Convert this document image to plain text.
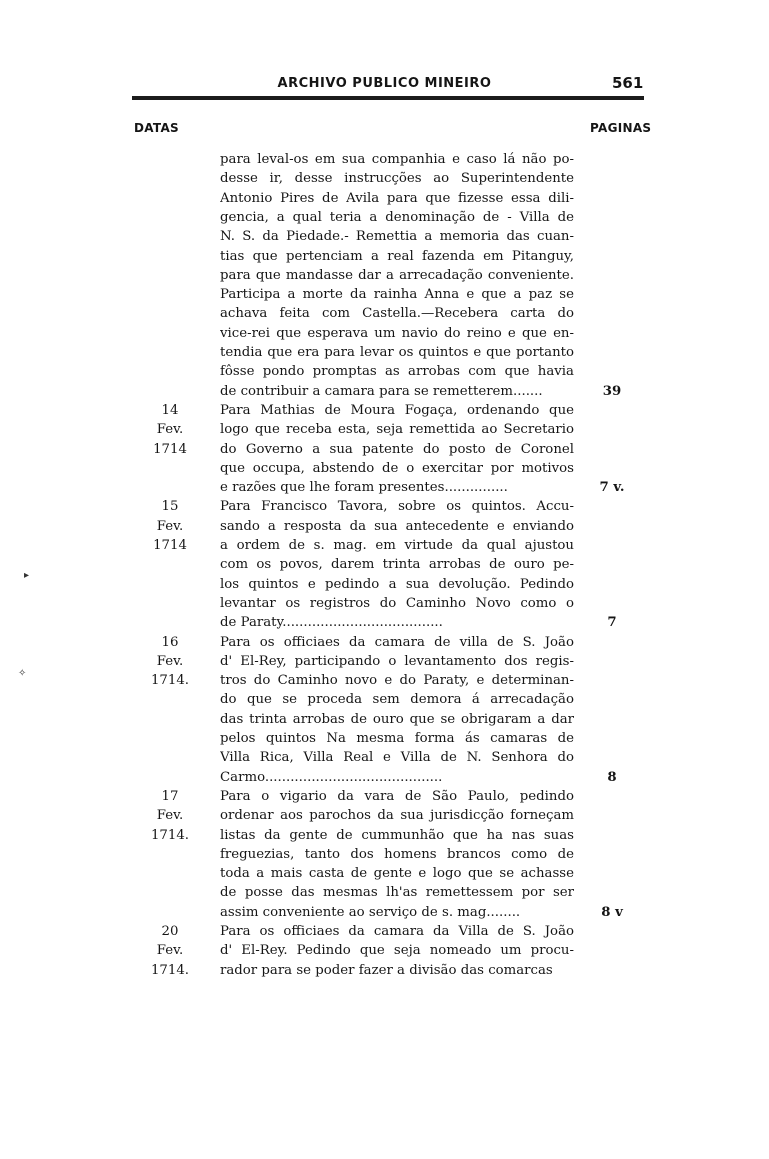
ARCHIVO PUBLICO MINEIRO	561
DATAS	PAGINAS
▸
✧
para leval-os em sua companhia e caso lá não po-
desse ir, desse instrucções ao Superintendente
Antonio Pires de Avila para que fizesse essa dili-
gencia, a qual teria a denominação de - Villa de
N. S. da Piedade.- Remettia a memoria das cuan-
tias que pertenciam a real fazenda em Pitanguy,
para que mandasse dar a arrecadação conveniente.
Participa a morte da rainha Anna e que a paz se
achava feita com Castella.—Recebera carta do
vice-rei que esperava um navio do reino e que en-
tendia que era para levar os quintos e que portanto
fôsse pondo promptas as arrobas com que havia
de contribuir a camara para se remetterem.......
Para Mathias de Moura Fogaça, ordenando que
logo que receba esta, seja remettida ao Secretario
do Governo a sua patente do posto de Coronel
que occupa, abstendo de o exercitar por motivos
e razões que lhe foram presentes...............
Para Francisco Tavora, sobre os quintos. Accu-
sando a resposta da sua antecedente e enviando
a ordem de s. mag. em virtude da qual ajustou
com os povos, darem trinta arrobas de ouro pe-
los quintos e pedindo a sua devolução. Pedindo
levantar os registros do Caminho Novo como o
de Paraty......................................
Para os officiaes da camara de villa de S. João
d' El-Rey, participando o levantamento dos regis-
tros do Caminho novo e do Paraty, e determinan-
do que se proceda sem demora á arrecadação
das trinta arrobas de ouro que se obrigaram a dar
pelos quintos Na mesma forma ás camaras de
Villa Rica, Villa Real e Villa de N. Senhora do
Carmo..........................................
Para o vigario da vara de São Paulo, pedindo
ordenar aos parochos da sua jurisdicção forneçam
listas da gente de cummunhão que ha nas suas
freguezias, tanto dos homens brancos como de
toda a mais casta de gente e logo que se achasse
de posse das mesmas lh'as remettessem por ser
assim conveniente ao serviço de s. mag........
Para os officiaes da camara da Villa de S. João
d' El-Rey. Pedindo que seja nomeado um procu-
rador para se poder fazer a divisão das comarcas
14
Fev.
1714
15
Fev.
1714
16
Fev.
1714.
17
Fev.
1714.
20
Fev.
1714.
39
7 v.
7
8
8 v
